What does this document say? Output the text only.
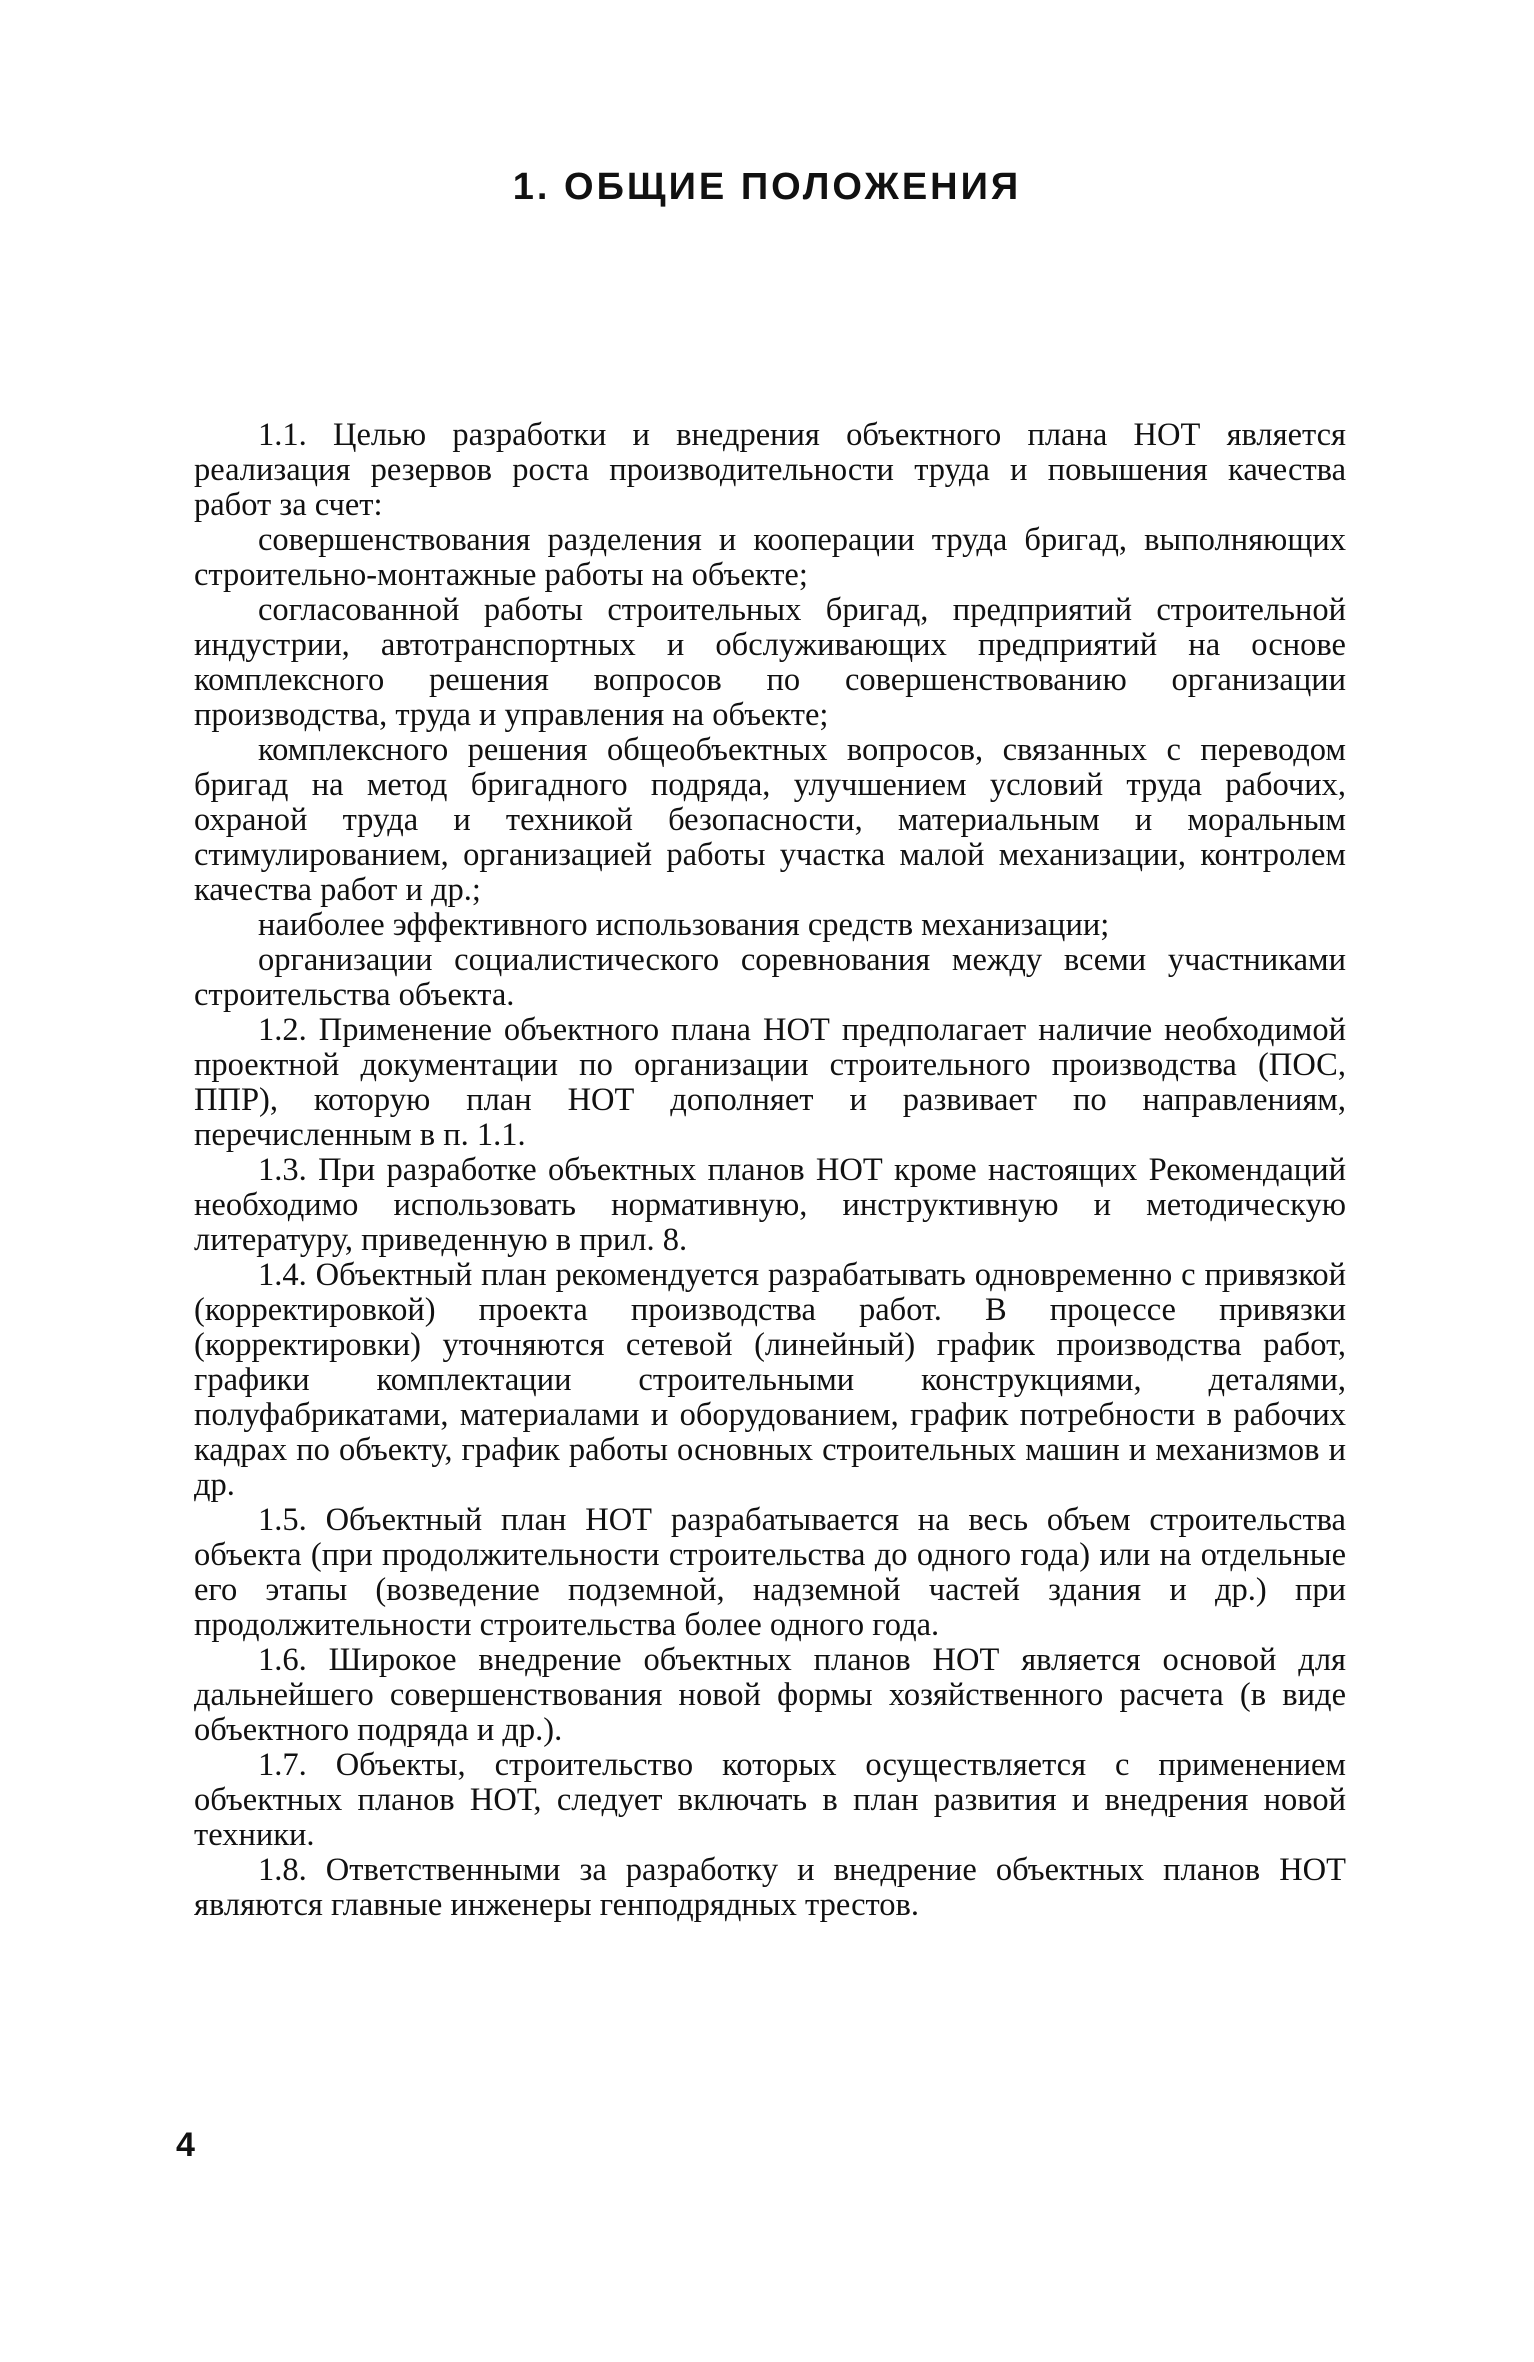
1. ОБЩИЕ ПОЛОЖЕНИЯ

1.1. Целью разработки и внедрения объектного плана НОТ является реализация резервов роста производительности труда и повышения качества работ за счет:

совершенствования разделения и кооперации труда бригад, выполняющих строительно-монтажные работы на объекте;

согласованной работы строительных бригад, предприятий строительной индустрии, автотранспортных и обслуживающих предприятий на основе комплексного решения вопросов по совершенствованию организации производства, труда и управления на объекте;

комплексного решения общеобъектных вопросов, связанных с переводом бригад на метод бригадного подряда, улучшением условий труда рабочих, охраной труда и техникой безопасности, материальным и моральным стимулированием, организацией работы участка малой механизации, контролем качества работ и др.;

наиболее эффективного использования средств механизации;

организации социалистического соревнования между всеми участниками строительства объекта.

1.2. Применение объектного плана НОТ предполагает наличие необходимой проектной документации по организации строительного производства (ПОС, ППР), которую план НОТ дополняет и развивает по направлениям, перечисленным в п. 1.1.

1.3. При разработке объектных планов НОТ кроме настоящих Рекомендаций необходимо использовать нормативную, инструктивную и методическую литературу, приведенную в прил. 8.

1.4. Объектный план рекомендуется разрабатывать одновременно с привязкой (корректировкой) проекта производства работ. В процессе привязки (корректировки) уточняются сетевой (линейный) график производства работ, графики комплектации строительными конструкциями, деталями, полуфабрикатами, материалами и оборудованием, график потребности в рабочих кадрах по объекту, график работы основных строительных машин и механизмов и др.

1.5. Объектный план НОТ разрабатывается на весь объем строительства объекта (при продолжительности строительства до одного года) или на отдельные его этапы (возведение подземной, надземной частей здания и др.) при продолжительности строительства более одного года.

1.6. Широкое внедрение объектных планов НОТ является основой для дальнейшего совершенствования новой формы хозяйственного расчета (в виде объектного подряда и др.).

1.7. Объекты, строительство которых осуществляется с применением объектных планов НОТ, следует включать в план развития и внедрения новой техники.

1.8. Ответственными за разработку и внедрение объектных планов НОТ являются главные инженеры генподрядных трестов.

4
